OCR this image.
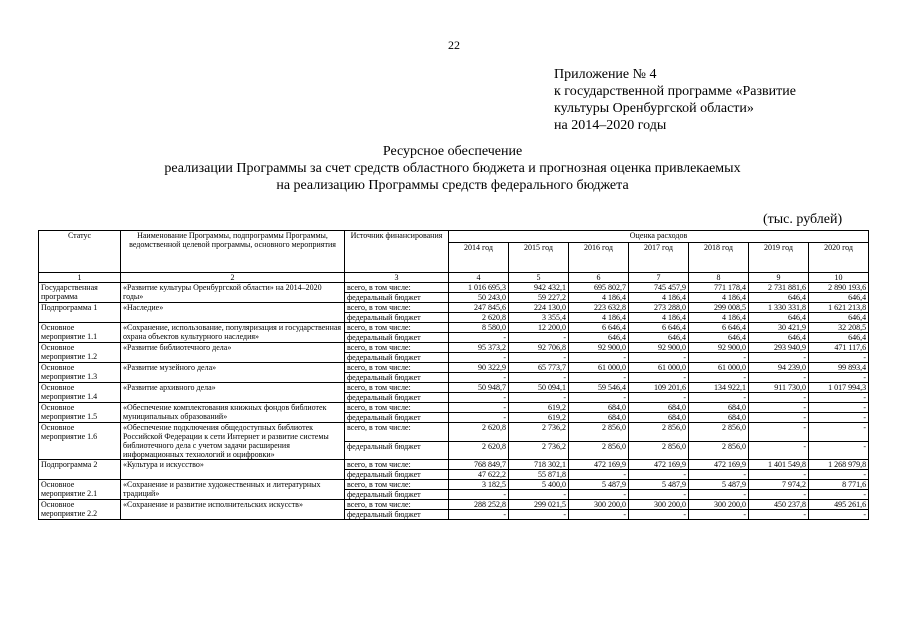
22
Приложение № 4
к государственной программе «Развитие
культуры Оренбургской области»
на 2014–2020 годы
Ресурсное обеспечение
реализации Программы за счет средств областного бюджета и прогнозная оценка привлекаемых
на реализацию Программы средств федерального бюджета
(тыс. рублей)
Статус	Наименование Программы, подпрограммы Программы, ведомственной целевой программы, основного мероприятия	Источник финансирования	Оценка расходов						
			2014 год	2015 год	2016 год	2017 год	2018 год	2019 год	2020 год
1	2	3	4	5	6	7	8	9	10
Государственная программа	«Развитие культуры Оренбургской области» на 2014–2020 годы»	всего, в том числе:	1 016 695,3	942 432,1	695 802,7	745 457,9	771 178,4	2 731 881,6	2 890 193,6
		федеральный бюджет	50 243,0	59 227,2	4 186,4	4 186,4	4 186,4	646,4	646,4
Подпрограмма 1	«Наследие»	всего, в том числе:	247 845,6	224 130,0	223 632,8	273 288,0	299 008,5	1 330 331,8	1 621 213,8
		федеральный бюджет	2 620,8	3 355,4	4 186,4	4 186,4	4 186,4	646,4	646,4
Основное мероприятие 1.1	«Сохранение, использование, популяризация и государственная охрана объектов культурного наследия»	всего, в том числе:	8 580,0	12 200,0	6 646,4	6 646,4	6 646,4	30 421,9	32 208,5
		федеральный бюджет	-	-	646,4	646,4	646,4	646,4	646,4
Основное мероприятие 1.2	«Развитие библиотечного дела»	всего, в том числе:	95 373,2	92 706,8	92 900,0	92 900,0	92 900,0	293 940,9	471 117,6
		федеральный бюджет	-	-	-	-	-	-	-
Основное мероприятие 1.3	«Развитие музейного дела»	всего, в том числе:	90 322,9	65 773,7	61 000,0	61 000,0	61 000,0	94 239,0	99 893,4
		федеральный бюджет	-	-	-	-	-	-	-
Основное мероприятие 1.4	«Развитие архивного дела»	всего, в том числе:	50 948,7	50 094,1	59 546,4	109 201,6	134 922,1	911 730,0	1 017 994,3
		федеральный бюджет	-	-	-	-	-	-	-
Основное мероприятие 1.5	«Обеспечение комплектования книжных фондов библиотек муниципальных образований»	всего, в том числе:	-	619,2	684,0	684,0	684,0	-	-
		федеральный бюджет	-	619,2	684,0	684,0	684,0	-	-
Основное мероприятие 1.6	«Обеспечение подключения общедоступных библиотек Российской Федерации к сети Интернет и развитие системы библиотечного дела с учетом задачи расширения информационных технологий и оцифровки»	всего, в том числе:	2 620,8	2 736,2	2 856,0	2 856,0	2 856,0	-	-
		федеральный бюджет	2 620,8	2 736,2	2 856,0	2 856,0	2 856,0	-	-
Подпрограмма 2	«Культура и искусство»	всего, в том числе:	768 849,7	718 302,1	472 169,9	472 169,9	472 169,9	1 401 549,8	1 268 979,8
		федеральный бюджет	47 622,2	55 871,8	-	-	-	-	-
Основное мероприятие 2.1	«Сохранение и развитие художественных и литературных традиций»	всего, в том числе:	3 182,5	5 400,0	5 487,9	5 487,9	5 487,9	7 974,2	8 771,6
		федеральный бюджет	-	-	-	-	-	-	-
Основное мероприятие 2.2	«Сохранение и развитие исполнительских искусств»	всего, в том числе:	288 252,8	299 021,5	300 200,0	300 200,0	300 200,0	450 237,8	495 261,6
		федеральный бюджет	-	-	-	-	-	-	-
